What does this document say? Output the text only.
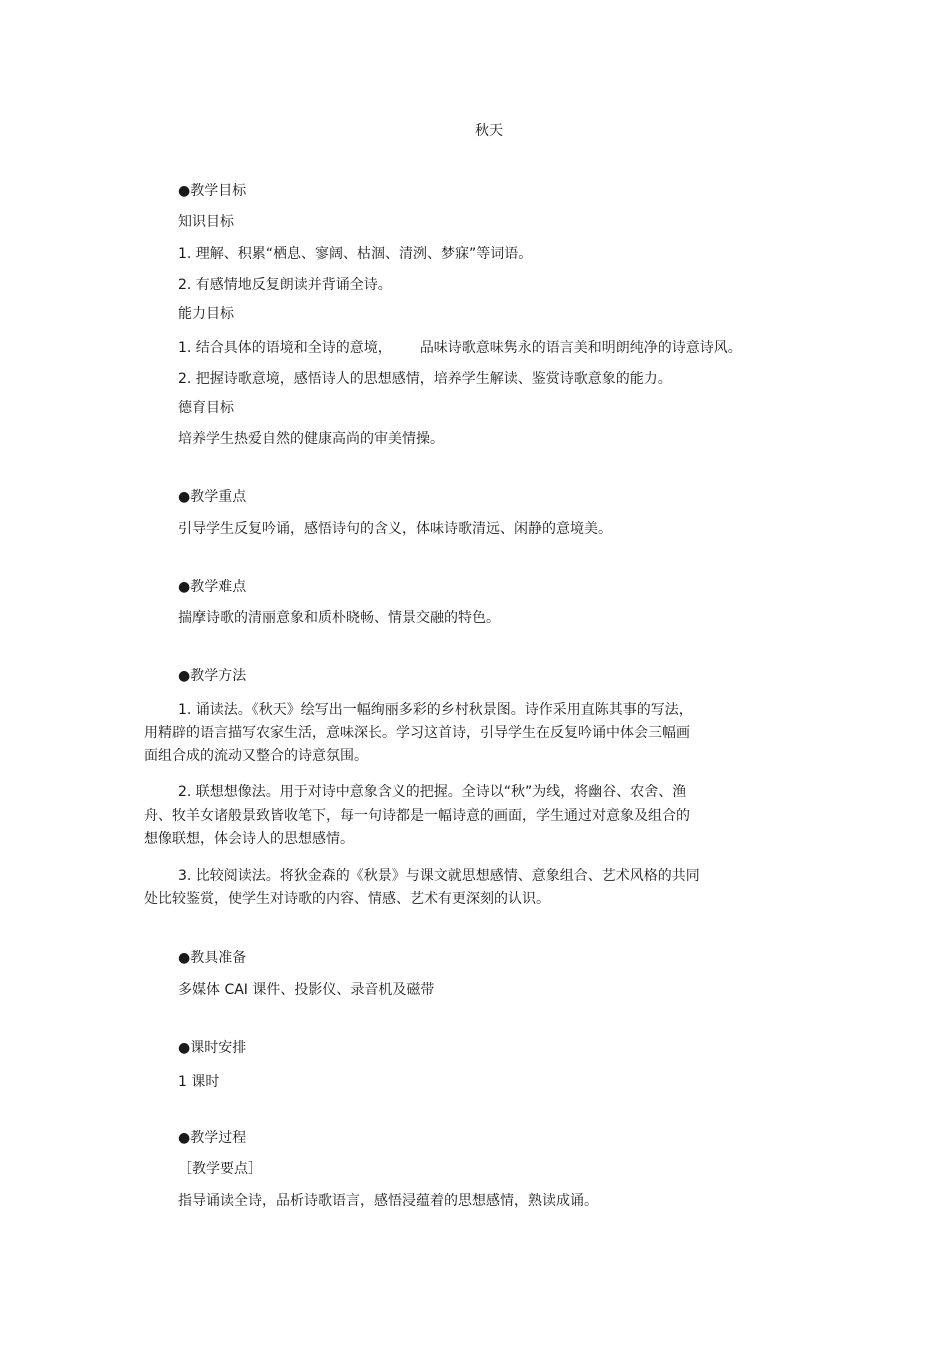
秋天
●教学目标
知识目标
1. 理解、积累“栖息、寥阔、枯涸、清洌、梦寐”等词语。
2. 有感情地反复朗读并背诵全诗。
能力目标
1. 结合具体的语境和全诗的意境， 品味诗歌意味隽永的语言美和明朗纯净的诗意诗风。
2. 把握诗歌意境，感悟诗人的思想感情，培养学生解读、鉴赏诗歌意象的能力。
德育目标
培养学生热爱自然的健康高尚的审美情操。
●教学重点
引导学生反复吟诵，感悟诗句的含义，体味诗歌清远、闲静的意境美。
●教学难点
揣摩诗歌的清丽意象和质朴晓畅、情景交融的特色。
●教学方法
1. 诵读法。《秋天》绘写出一幅绚丽多彩的乡村秋景图。诗作采用直陈其事的写法，
用精辟的语言描写农家生活，意味深长。学习这首诗，引导学生在反复吟诵中体会三幅画
面组合成的流动又整合的诗意氛围。
2. 联想想像法。用于对诗中意象含义的把握。全诗以“秋”为线，将幽谷、农舍、渔
舟、牧羊女诸般景致皆收笔下，每一句诗都是一幅诗意的画面，学生通过对意象及组合的
想像联想，体会诗人的思想感情。
3. 比较阅读法。将狄金森的《秋景》与课文就思想感情、意象组合、艺术风格的共同
处比较鉴赏，使学生对诗歌的内容、情感、艺术有更深刻的认识。
●教具准备
多媒体 CAI 课件、投影仪、录音机及磁带
●课时安排
1 课时
●教学过程
［教学要点］
指导诵读全诗，品析诗歌语言，感悟浸蕴着的思想感情，熟读成诵。
